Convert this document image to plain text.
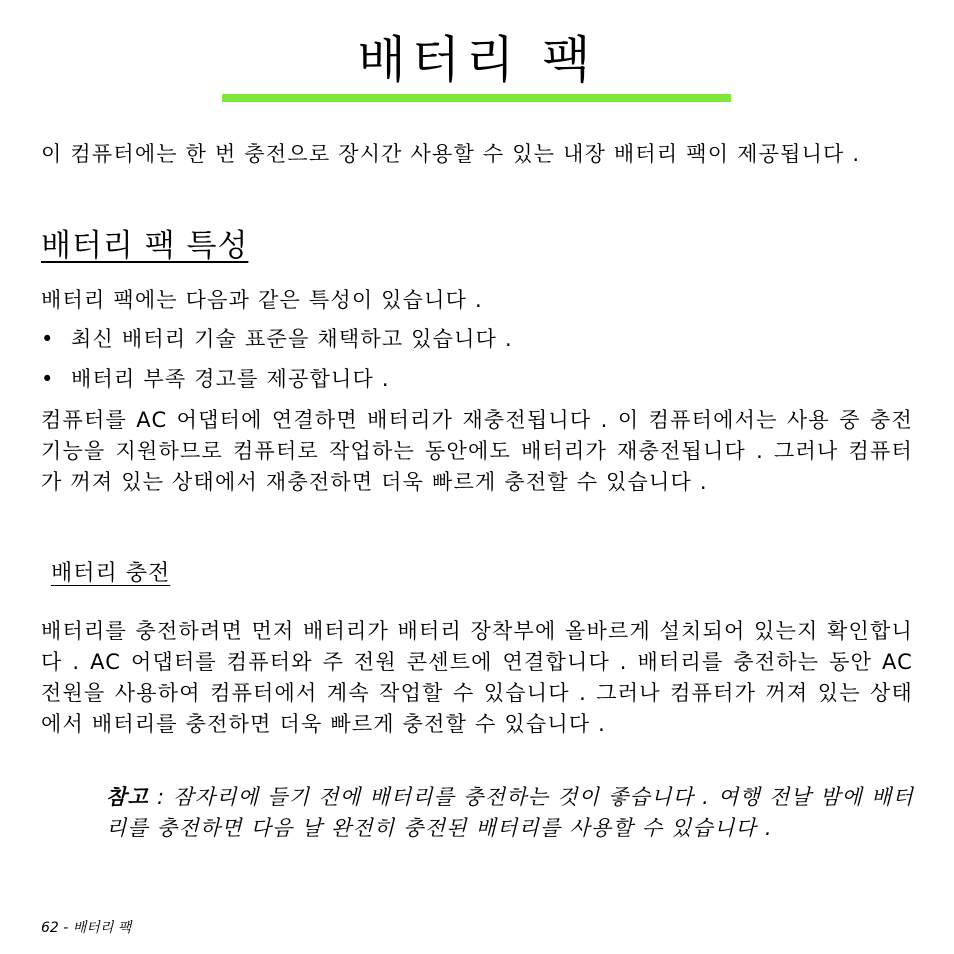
배터리 팩

이 컴퓨터에는 한 번 충전으로 장시간 사용할 수 있는 내장 배터리 팩이 제공됩니다 .

배터리 팩 특성

배터리 팩에는 다음과 같은 특성이 있습니다 .

• 최신 배터리 기술 표준을 채택하고 있습니다 .
• 배터리 부족 경고를 제공합니다 .

컴퓨터를 AC 어댑터에 연결하면 배터리가 재충전됩니다 . 이 컴퓨터에서는 사용 중 충전 기능을 지원하므로 컴퓨터로 작업하는 동안에도 배터리가 재충전됩니다 . 그러나 컴퓨터가 꺼져 있는 상태에서 재충전하면 더욱 빠르게 충전할 수 있습니다 .

배터리 충전

배터리를 충전하려면 먼저 배터리가 배터리 장착부에 올바르게 설치되어 있는지 확인합니다 . AC 어댑터를 컴퓨터와 주 전원 콘센트에 연결합니다 . 배터리를 충전하는 동안 AC 전원을 사용하여 컴퓨터에서 계속 작업할 수 있습니다 . 그러나 컴퓨터가 꺼져 있는 상태에서 배터리를 충전하면 더욱 빠르게 충전할 수 있습니다 .

참고 : 잠자리에 들기 전에 배터리를 충전하는 것이 좋습니다 . 여행 전날 밤에 배터리를 충전하면 다음 날 완전히 충전된 배터리를 사용할 수 있습니다 .

62 - 배터리 팩
